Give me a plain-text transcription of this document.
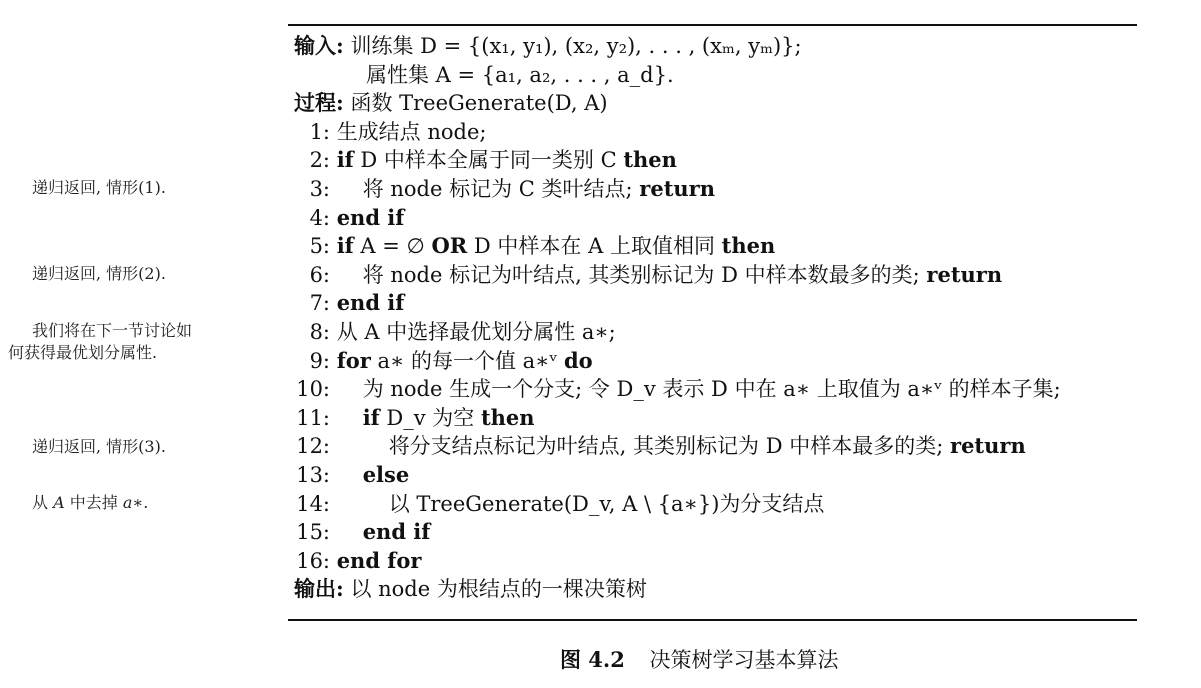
递归返回, 情形(1).
递归返回, 情形(2).
我们将在下一节讨论如
何获得最优划分属性.
递归返回, 情形(3).
从 A 中去掉 a∗.
输入: 训练集 D = {(x₁, y₁), (x₂, y₂), . . . , (xₘ, yₘ)};
属性集 A = {a₁, a₂, . . . , a_d}.
过程: 函数 TreeGenerate(D, A)
1: 生成结点 node;
2: if D 中样本全属于同一类别 C then
3: 将 node 标记为 C 类叶结点; return
4: end if
5: if A = ∅ OR D 中样本在 A 上取值相同 then
6: 将 node 标记为叶结点, 其类别标记为 D 中样本数最多的类; return
7: end if
8: 从 A 中选择最优划分属性 a∗;
9: for a∗ 的每一个值 a∗ᵛ do
10: 为 node 生成一个分支; 令 D_v 表示 D 中在 a∗ 上取值为 a∗ᵛ 的样本子集;
11: if D_v 为空 then
12:	将分支结点标记为叶结点, 其类别标记为 D 中样本最多的类; return
13: else
14:	以 TreeGenerate(D_v, A \ {a∗})为分支结点
15: end if
16: end for
输出: 以 node 为根结点的一棵决策树
图 4.2 决策树学习基本算法
